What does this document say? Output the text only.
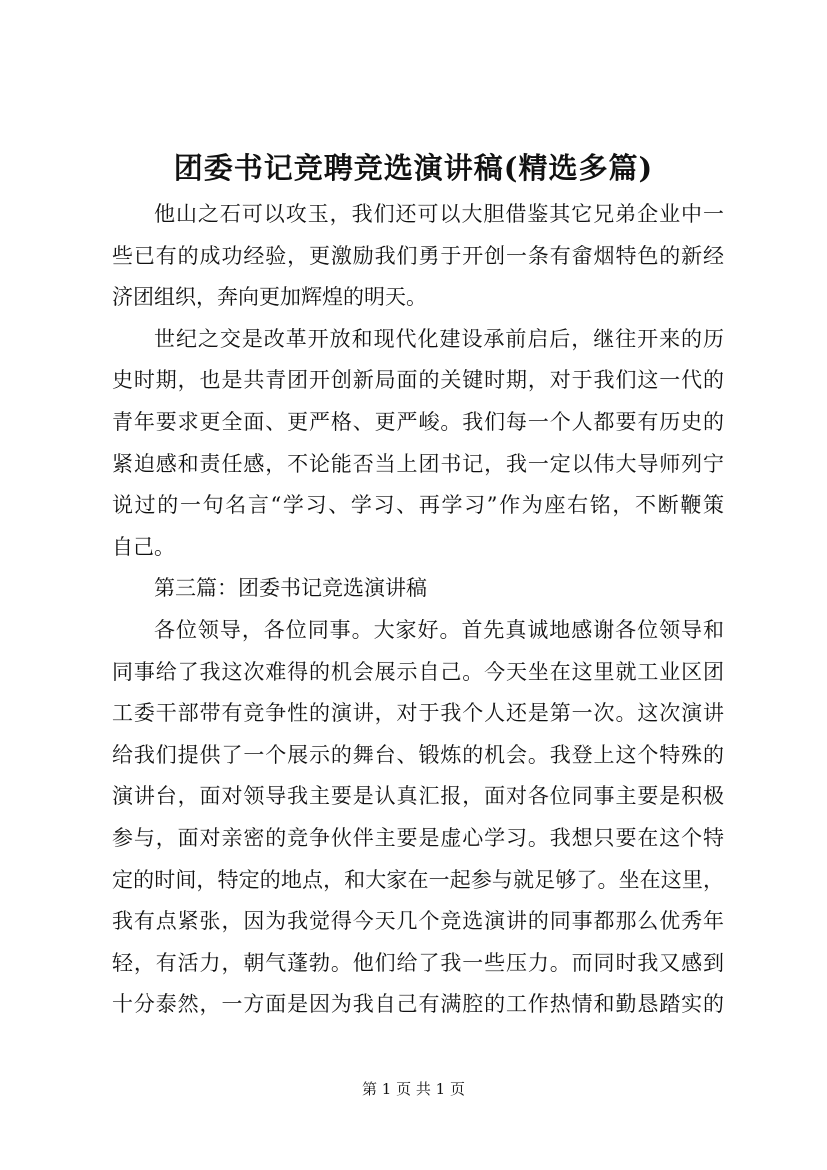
团委书记竞聘竞选演讲稿(精选多篇)
他山之石可以攻玉，我们还可以大胆借鉴其它兄弟企业中一
些已有的成功经验，更激励我们勇于开创一条有畲烟特色的新经
济团组织，奔向更加辉煌的明天。
世纪之交是改革开放和现代化建设承前启后，继往开来的历
史时期，也是共青团开创新局面的关键时期，对于我们这一代的
青年要求更全面、更严格、更严峻。我们每一个人都要有历史的
紧迫感和责任感，不论能否当上团书记，我一定以伟大导师列宁
说过的一句名言“学习、学习、再学习”作为座右铭，不断鞭策
自己。
第三篇：团委书记竞选演讲稿
各位领导，各位同事。大家好。首先真诚地感谢各位领导和
同事给了我这次难得的机会展示自己。今天坐在这里就工业区团
工委干部带有竞争性的演讲，对于我个人还是第一次。这次演讲
给我们提供了一个展示的舞台、锻炼的机会。我登上这个特殊的
演讲台，面对领导我主要是认真汇报，面对各位同事主要是积极
参与，面对亲密的竞争伙伴主要是虚心学习。我想只要在这个特
定的时间，特定的地点，和大家在一起参与就足够了。坐在这里，
我有点紧张，因为我觉得今天几个竞选演讲的同事都那么优秀年
轻，有活力，朝气蓬勃。他们给了我一些压力。而同时我又感到
十分泰然，一方面是因为我自己有满腔的工作热情和勤恳踏实的
第 1 页 共 1 页
